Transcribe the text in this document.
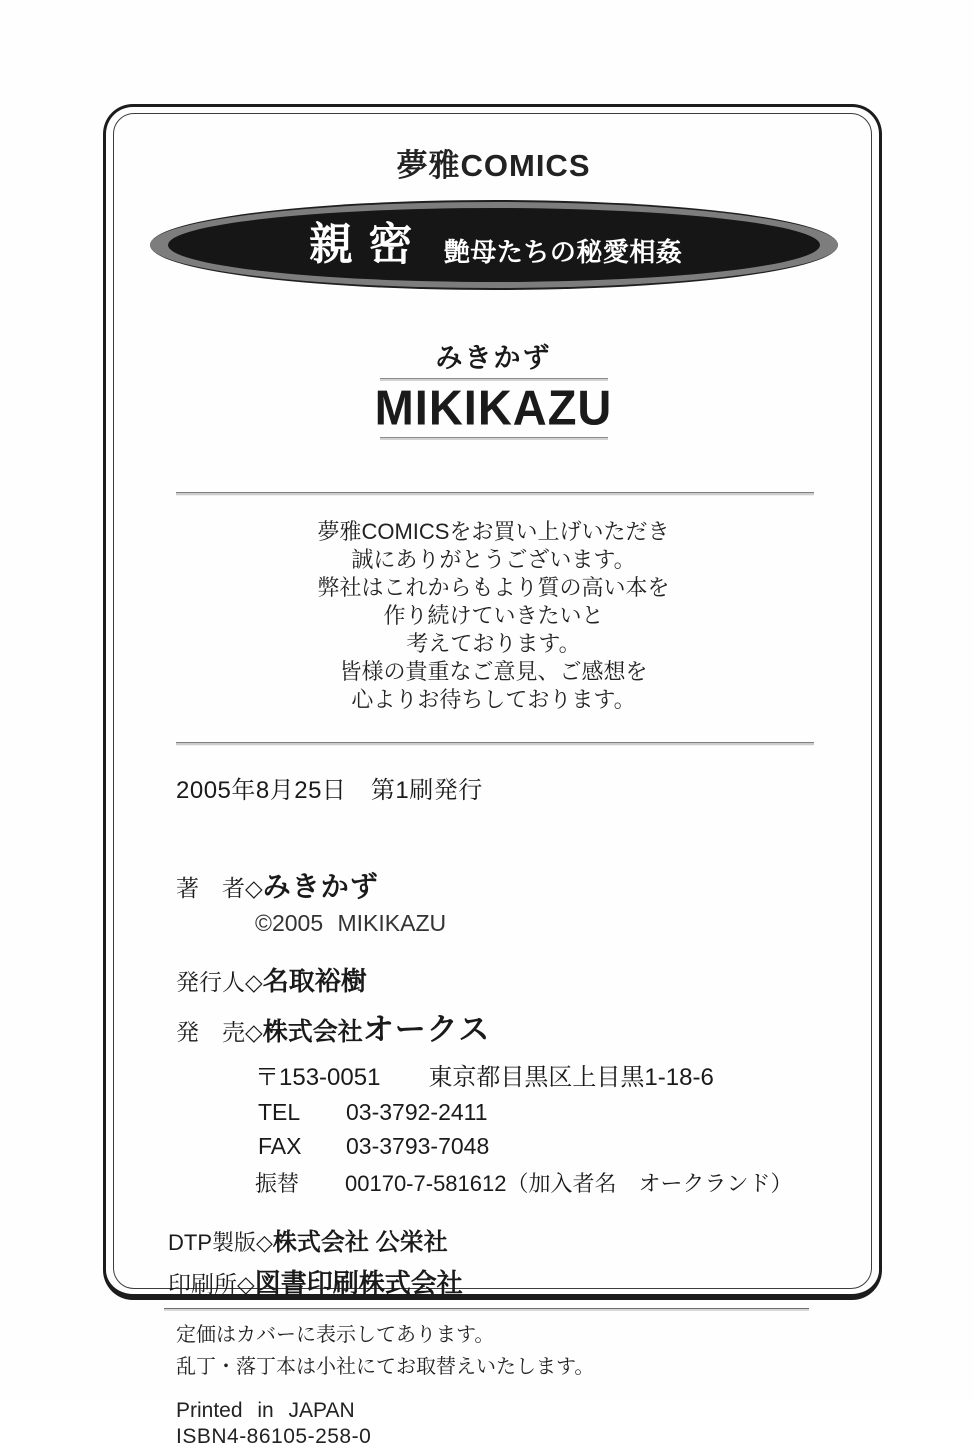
夢雅COMICS
親密 艶母たちの秘愛相姦
みきかず
MIKIKAZU
夢雅COMICSをお買い上げいただき
誠にありがとうございます。
弊社はこれからもより質の高い本を
作り続けていきたいと
考えております。
皆様の貴重なご意見、ご感想を
心よりお待ちしております。
2005年8月25日　第1刷発行
著　者◇みきかず
©2005 MIKIKAZU
発行人◇名取裕樹
発　売◇株式会社オークス
〒153-0051 東京都目黒区上目黒1-18-6
TEL 03-3792-2411
FAX 03-3793-7048
振替 00170-7-581612（加入者名　オークランド）
DTP製版◇株式会社 公栄社
印刷所◇図書印刷株式会社
定価はカバーに表示してあります。
乱丁・落丁本は小社にてお取替えいたします。
Printed in JAPAN
ISBN4-86105-258-0
